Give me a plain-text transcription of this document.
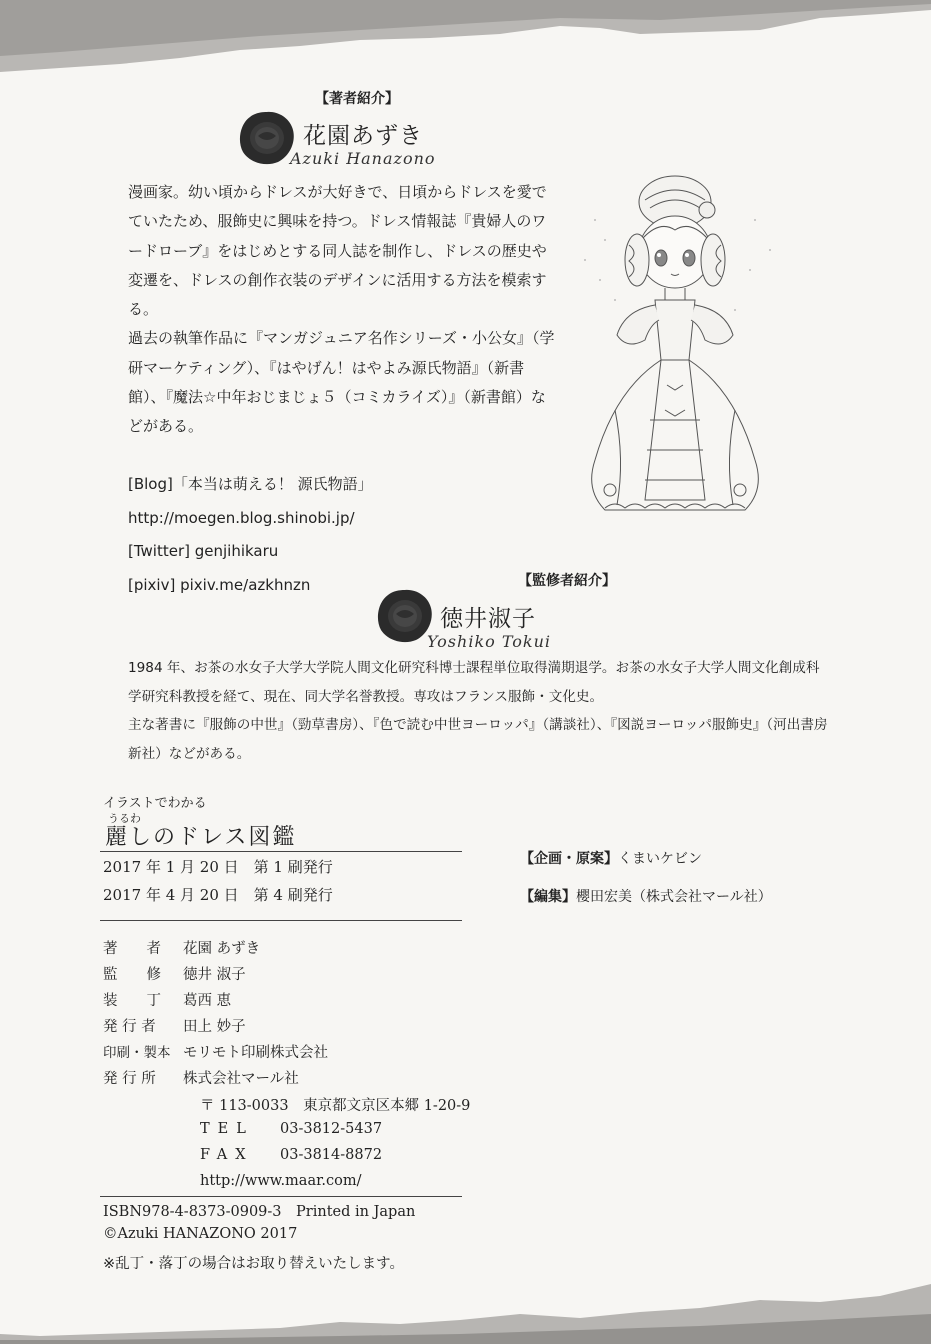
【著者紹介】
花園あずき
Azuki Hanazono

漫画家。幼い頃からドレスが大好きで、日頃からドレスを愛でていたため、服飾史に興味を持つ。ドレス情報誌『貴婦人のワードローブ』をはじめとする同人誌を制作し、ドレスの歴史や変遷を、ドレスの創作衣装のデザインに活用する方法を模索する。

過去の執筆作品に『マンガジュニア名作シリーズ・小公女』（学研マーケティング）、『はやげん！はやよみ源氏物語』（新書館）、『魔法☆中年おじまじょ５（コミカライズ）』（新書館）などがある。

[Blog]「本当は萌える！ 源氏物語」
http://moegen.blog.shinobi.jp/
[Twitter] genjihikaru
[pixiv] pixiv.me/azkhnzn	【監修者紹介】
徳井淑子
Yoshiko Tokui

1984 年、お茶の水女子大学大学院人間文化研究科博士課程単位取得満期退学。お茶の水女子大学人間文化創成科学研究科教授を経て、現在、同大学名誉教授。専攻はフランス服飾・文化史。

主な著書に『服飾の中世』（勁草書房）、『色で読む中世ヨーロッパ』（講談社）、『図説ヨーロッパ服飾史』（河出書房新社）などがある。

イラストでわかる
うるわ
麗しのドレス図鑑
2017 年 1 月 20 日　第 1 刷発行
2017 年 4 月 20 日　第 4 刷発行
著　　者 花園 あずき
監　　修 徳井 淑子
装　　丁 葛西 恵
発 行 者 田上 妙子
印刷・製本 モリモト印刷株式会社
発 行 所 株式会社マール社
〒 113-0033　東京都文京区本郷 1-20-9
TEL 03-3812-5437
FAX 03-3814-8872
http://www.maar.com/
ISBN978-4-8373-0909-3　Printed in Japan
©Azuki HANAZONO 2017
※乱丁・落丁の場合はお取り替えいたします。
【企画・原案】くまいケビン
【編集】櫻田宏美（株式会社マール社）
